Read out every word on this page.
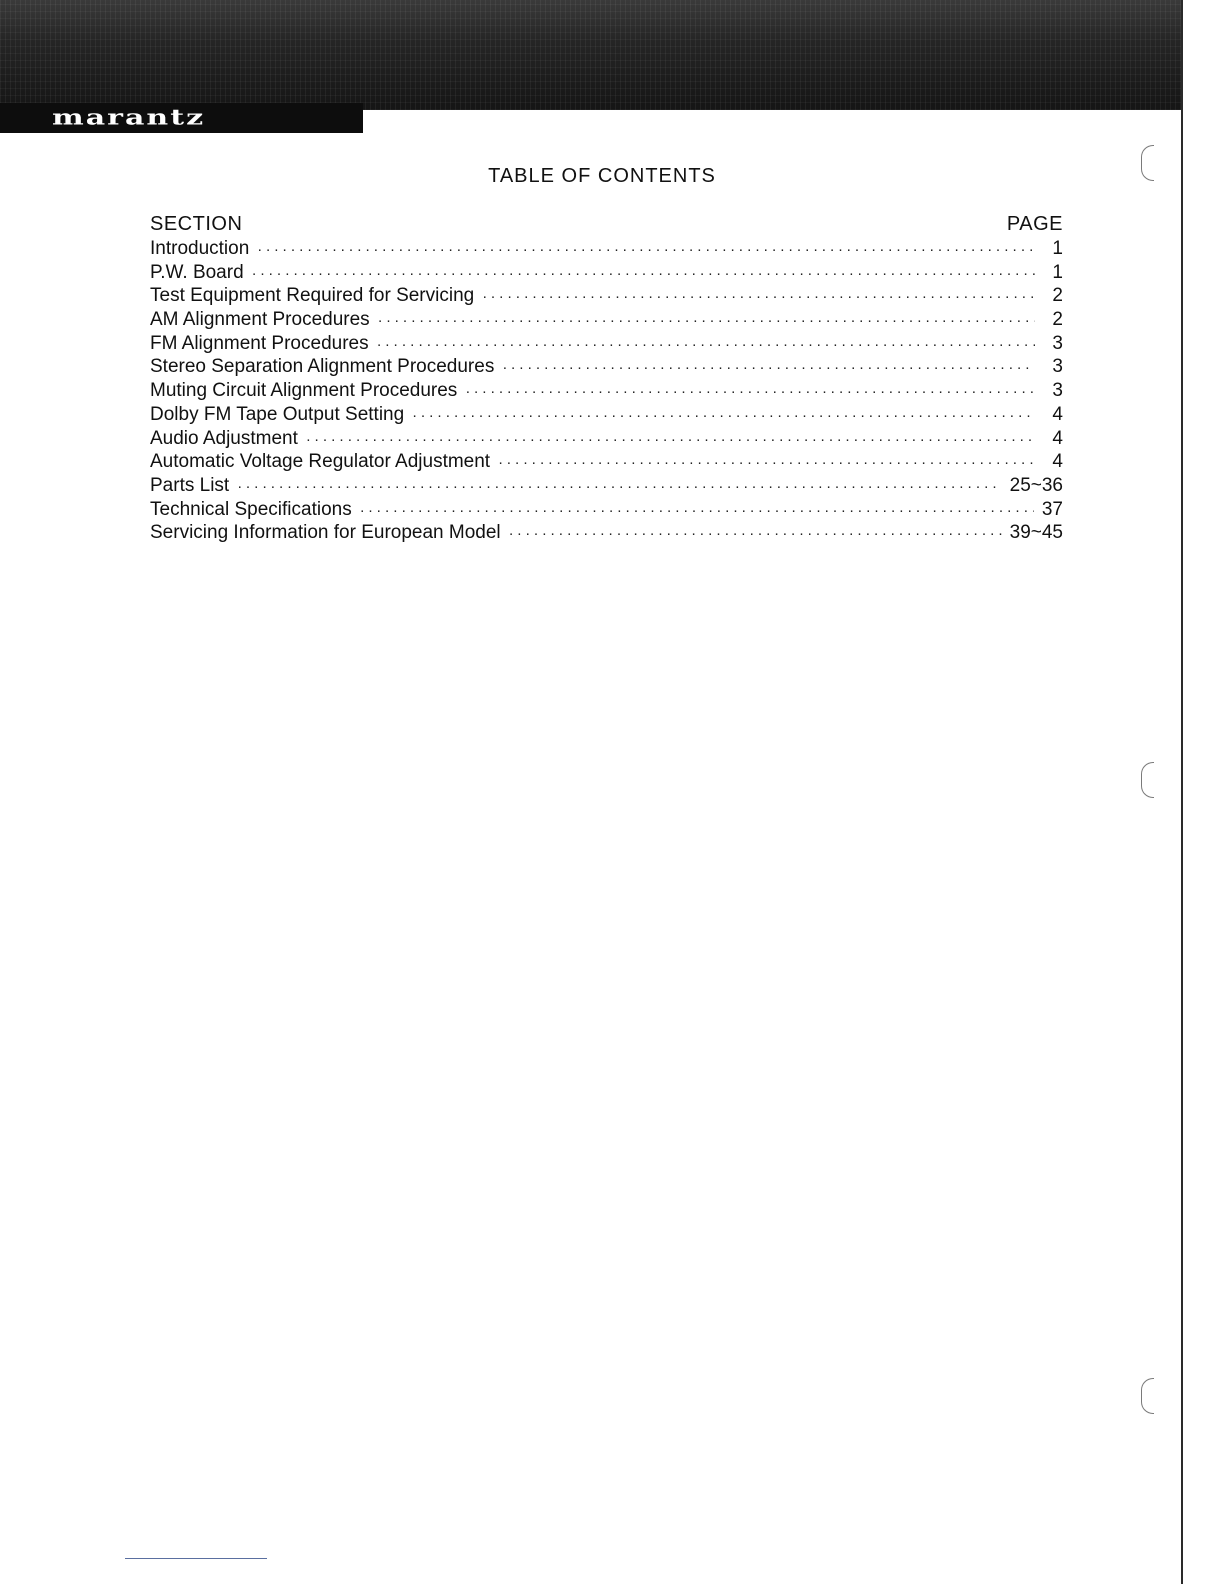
marantz
TABLE OF CONTENTS
SECTION	PAGE
Introduction ·····	1
P.W. Board ·····	1
Test Equipment Required for Servicing ·····	2
AM Alignment Procedures ·····	2
FM Alignment Procedures ·····	3
Stereo Separation Alignment Procedures ·····	3
Muting Circuit Alignment Procedures ·····	3
Dolby FM Tape Output Setting ·····	4
Audio Adjustment ·····	4
Automatic Voltage Regulator Adjustment ·····	4
Parts List ·····	25~36
Technical Specifications ·····	37
Servicing Information for European Model ·····	39~45
